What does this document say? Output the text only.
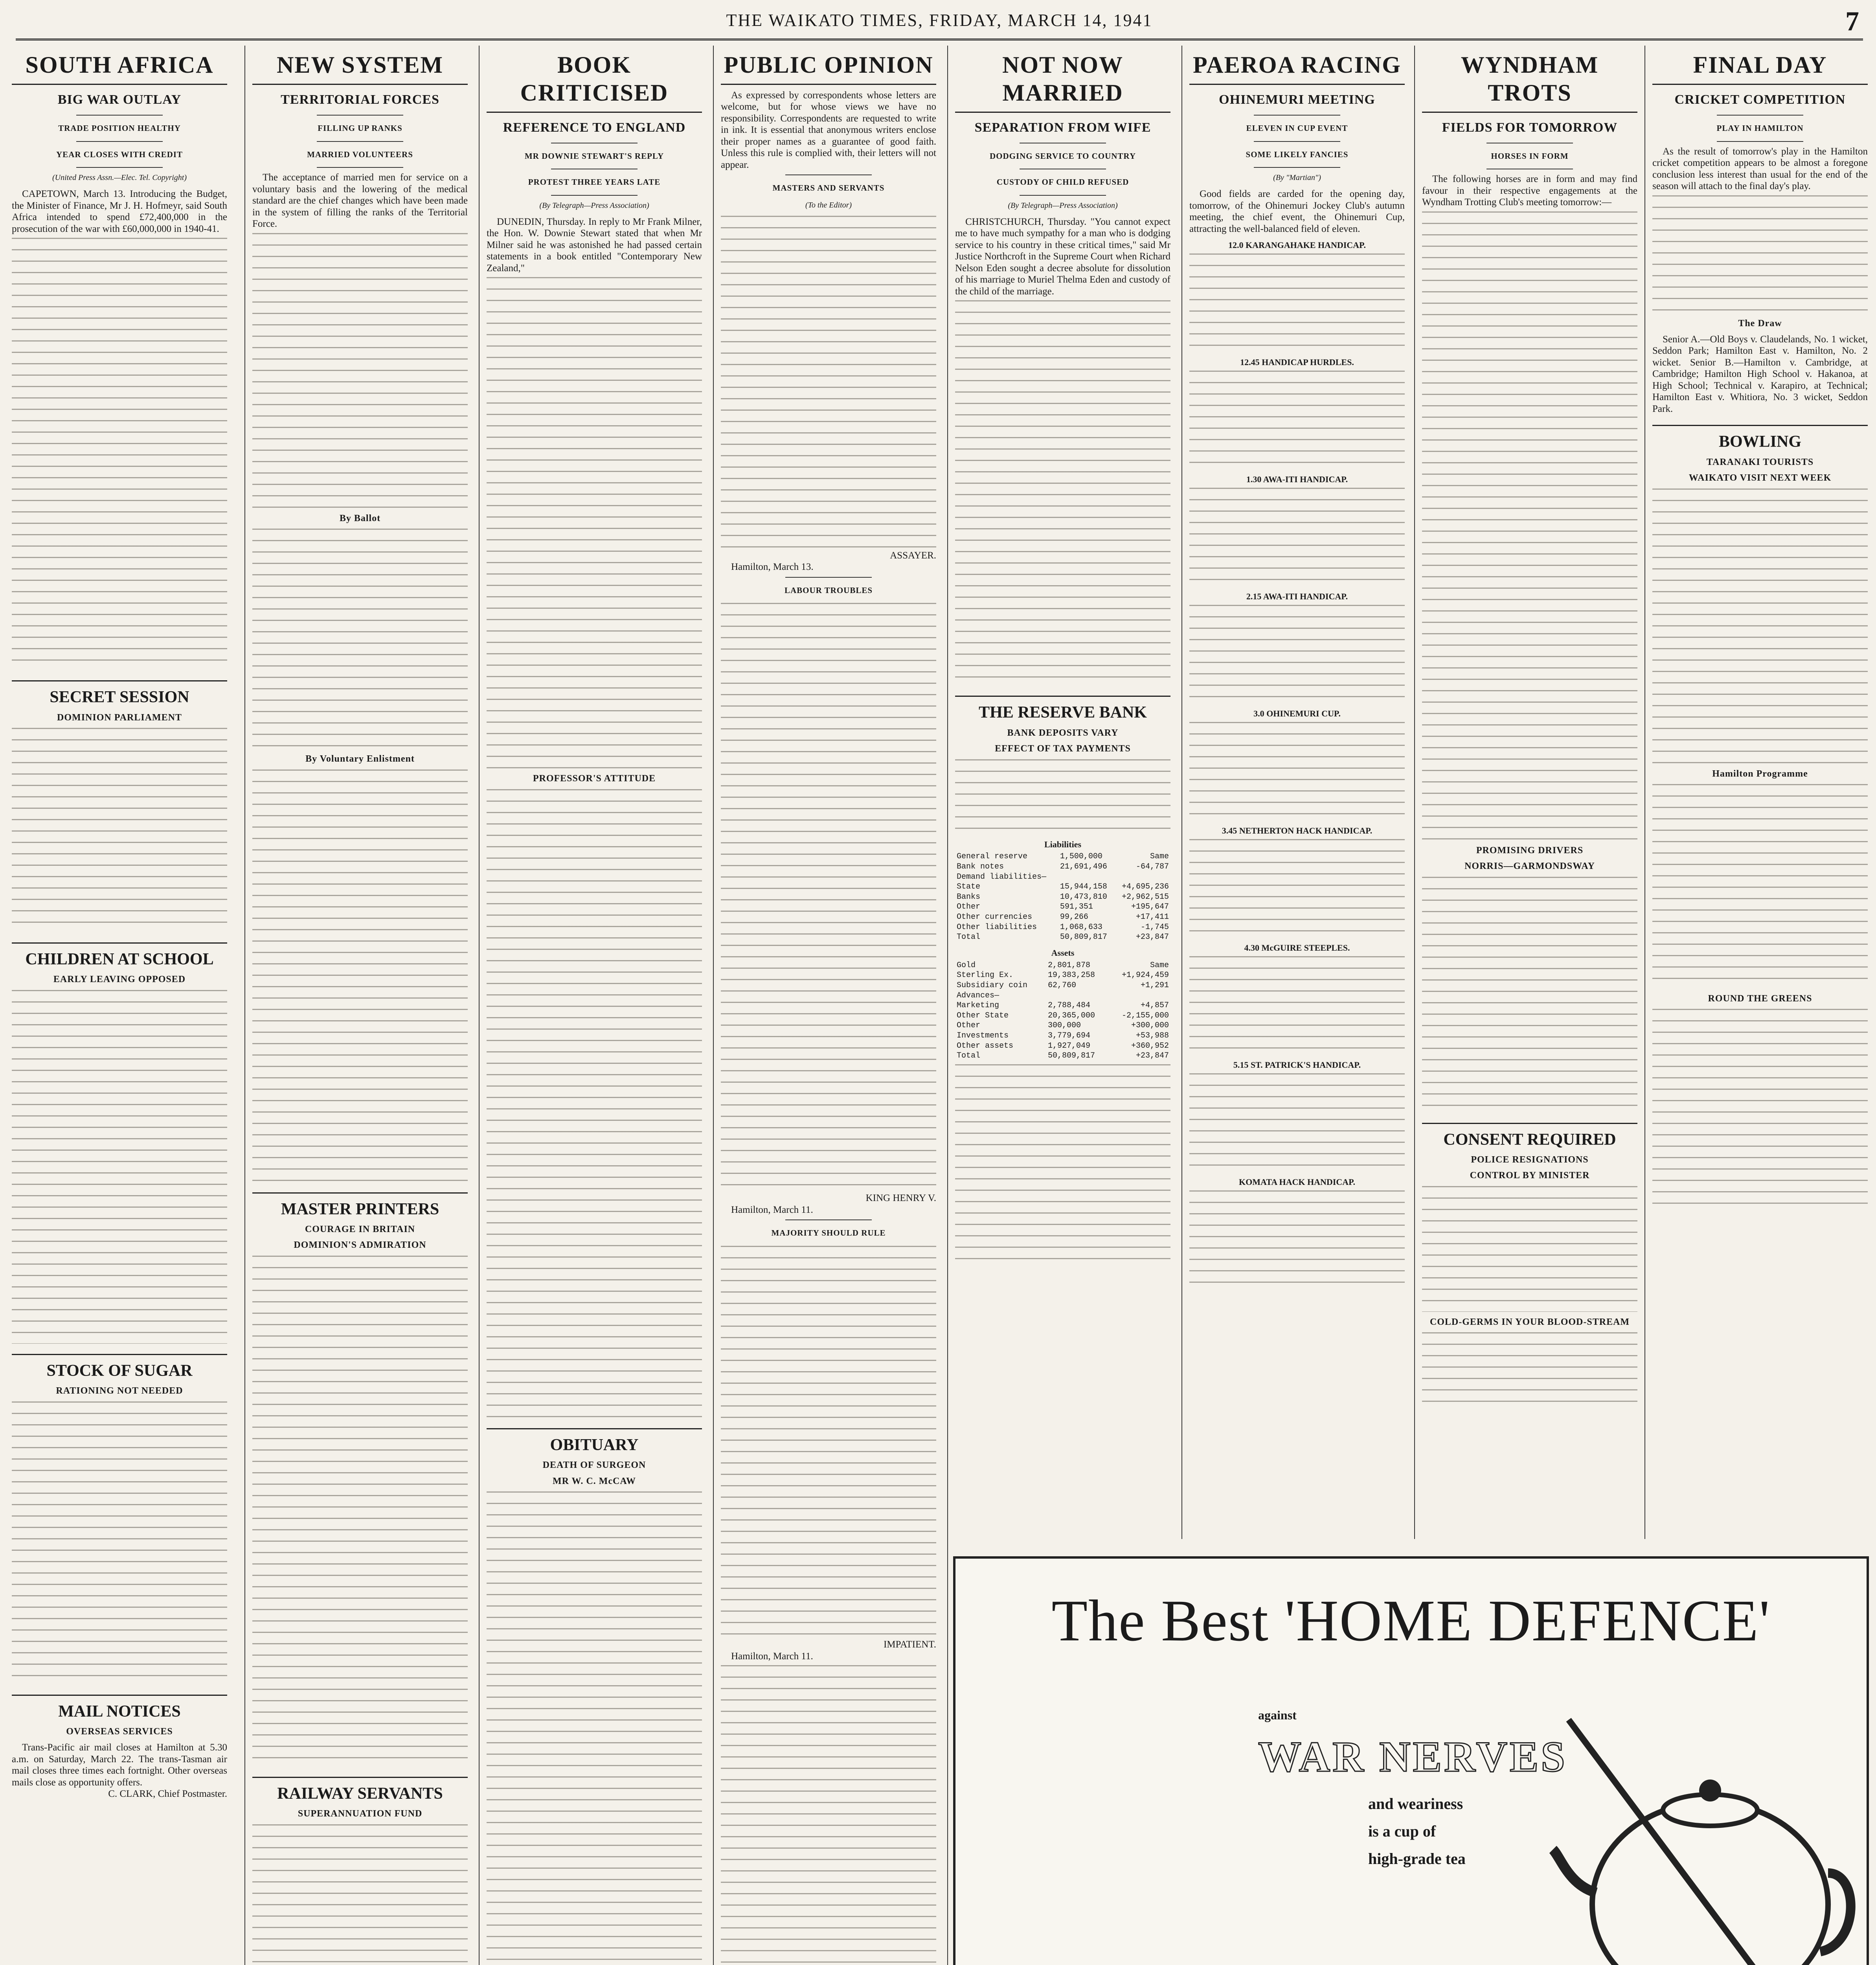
THE WAIKATO TIMES, FRIDAY, MARCH 14, 1941	7
SOUTH AFRICA
BIG WAR OUTLAY
TRADE POSITION HEALTHY
YEAR CLOSES WITH CREDIT
(United Press Assn.—Elec. Tel. Copyright)

CAPETOWN, March 13. Introducing the Budget, the Minister of Finance, Mr J. H. Hofmeyr, said South Africa intended to spend £72,400,000 in the prosecution of the war with £60,000,000 in 1940-41.

SECRET SESSION
DOMINION PARLIAMENT
CHILDREN AT SCHOOL
EARLY LEAVING OPPOSED
STOCK OF SUGAR
RATIONING NOT NEEDED
MAIL NOTICES
OVERSEAS SERVICES

Trans-Pacific air mail closes at Hamilton at 5.30 a.m. on Saturday, March 22. The trans-Tasman air mail closes three times each fortnight. Other overseas mails close as opportunity offers.

C. CLARK, Chief Postmaster.

NEW SYSTEM
TERRITORIAL FORCES
FILLING UP RANKS
MARRIED VOLUNTEERS

The acceptance of married men for service on a voluntary basis and the lowering of the medical standard are the chief changes which have been made in the system of filling the ranks of the Territorial Force.

By Ballot
By Voluntary Enlistment
MASTER PRINTERS
COURAGE IN BRITAIN
DOMINION'S ADMIRATION
RAILWAY SERVANTS
SUPERANNUATION FUND
BOOK CRITICISED
REFERENCE TO ENGLAND
MR DOWNIE STEWART'S REPLY
PROTEST THREE YEARS LATE
(By Telegraph—Press Association)

DUNEDIN, Thursday. In reply to Mr Frank Milner, the Hon. W. Downie Stewart stated that when Mr Milner said he was astonished he had passed certain statements in a book entitled "Contemporary New Zealand,"

PROFESSOR'S ATTITUDE
OBITUARY
DEATH OF SURGEON
MR W. C. McCAW
PUBLIC OPINION

As expressed by correspondents whose letters are welcome, but for whose views we have no responsibility. Correspondents are requested to write in ink. It is essential that anonymous writers enclose their proper names as a guarantee of good faith. Unless this rule is complied with, their letters will not appear.

MASTERS AND SERVANTS
(To the Editor)

ASSAYER.

Hamilton, March 13.

LABOUR TROUBLES

KING HENRY V.

Hamilton, March 11.

MAJORITY SHOULD RULE

IMPATIENT.

Hamilton, March 11.

NOT NOW MARRIED
SEPARATION FROM WIFE
DODGING SERVICE TO COUNTRY
CUSTODY OF CHILD REFUSED
(By Telegraph—Press Association)

CHRISTCHURCH, Thursday. "You cannot expect me to have much sympathy for a man who is dodging service to his country in these critical times," said Mr Justice Northcroft in the Supreme Court when Richard Nelson Eden sought a decree absolute for dissolution of his marriage to Muriel Thelma Eden and custody of the child of the marriage.

THE RESERVE BANK
BANK DEPOSITS VARY
EFFECT OF TAX PAYMENTS
Liabilities
General reserve	1,500,000	Same
Bank notes	21,691,496	-64,787
Demand liabilities—		
State	15,944,158	+4,695,236
Banks	10,473,810	+2,962,515
Other	591,351	+195,647
Other currencies	99,266	+17,411
Other liabilities	1,068,633	-1,745
Total	50,809,817	+23,847
Assets
Gold	2,801,878	Same
Sterling Ex.	19,383,258	+1,924,459
Subsidiary coin	62,760	+1,291
Advances—		
Marketing	2,788,484	+4,857
Other State	20,365,000	-2,155,000
Other	300,000	+300,000
Investments	3,779,694	+53,988
Other assets	1,927,049	+360,952
Total	50,809,817	+23,847
PAEROA RACING
OHINEMURI MEETING
ELEVEN IN CUP EVENT
SOME LIKELY FANCIES
(By "Martian")

Good fields are carded for the opening day, tomorrow, of the Ohinemuri Jockey Club's autumn meeting, the chief event, the Ohinemuri Cup, attracting the well-balanced field of eleven.

12.0 KARANGAHAKE HANDICAP.
12.45 HANDICAP HURDLES.
1.30 AWA-ITI HANDICAP.
2.15 AWA-ITI HANDICAP.
3.0 OHINEMURI CUP.
3.45 NETHERTON HACK HANDICAP.
4.30 McGUIRE STEEPLES.
5.15 ST. PATRICK'S HANDICAP.
KOMATA HACK HANDICAP.
WYNDHAM TROTS
FIELDS FOR TOMORROW
HORSES IN FORM

The following horses are in form and may find favour in their respective engagements at the Wyndham Trotting Club's meeting tomorrow:—

PROMISING DRIVERS
NORRIS—GARMONDSWAY
CONSENT REQUIRED
POLICE RESIGNATIONS
CONTROL BY MINISTER
COLD-GERMS IN YOUR BLOOD-STREAM
FINAL DAY
CRICKET COMPETITION
PLAY IN HAMILTON

As the result of tomorrow's play in the Hamilton cricket competition appears to be almost a foregone conclusion less interest than usual for the end of the season will attach to the final day's play.

The Draw

Senior A.—Old Boys v. Claudelands, No. 1 wicket, Seddon Park; Hamilton East v. Hamilton, No. 2 wicket. Senior B.—Hamilton v. Cambridge, at Cambridge; Hamilton High School v. Hakanoa, at High School; Technical v. Karapiro, at Technical; Hamilton East v. Whitiora, No. 3 wicket, Seddon Park.

BOWLING
TARANAKI TOURISTS
WAIKATO VISIT NEXT WEEK
Hamilton Programme
ROUND THE GREENS
The Best 'HOME DEFENCE'
against
WAR NERVES
and weariness
is a cup of
high-grade tea
